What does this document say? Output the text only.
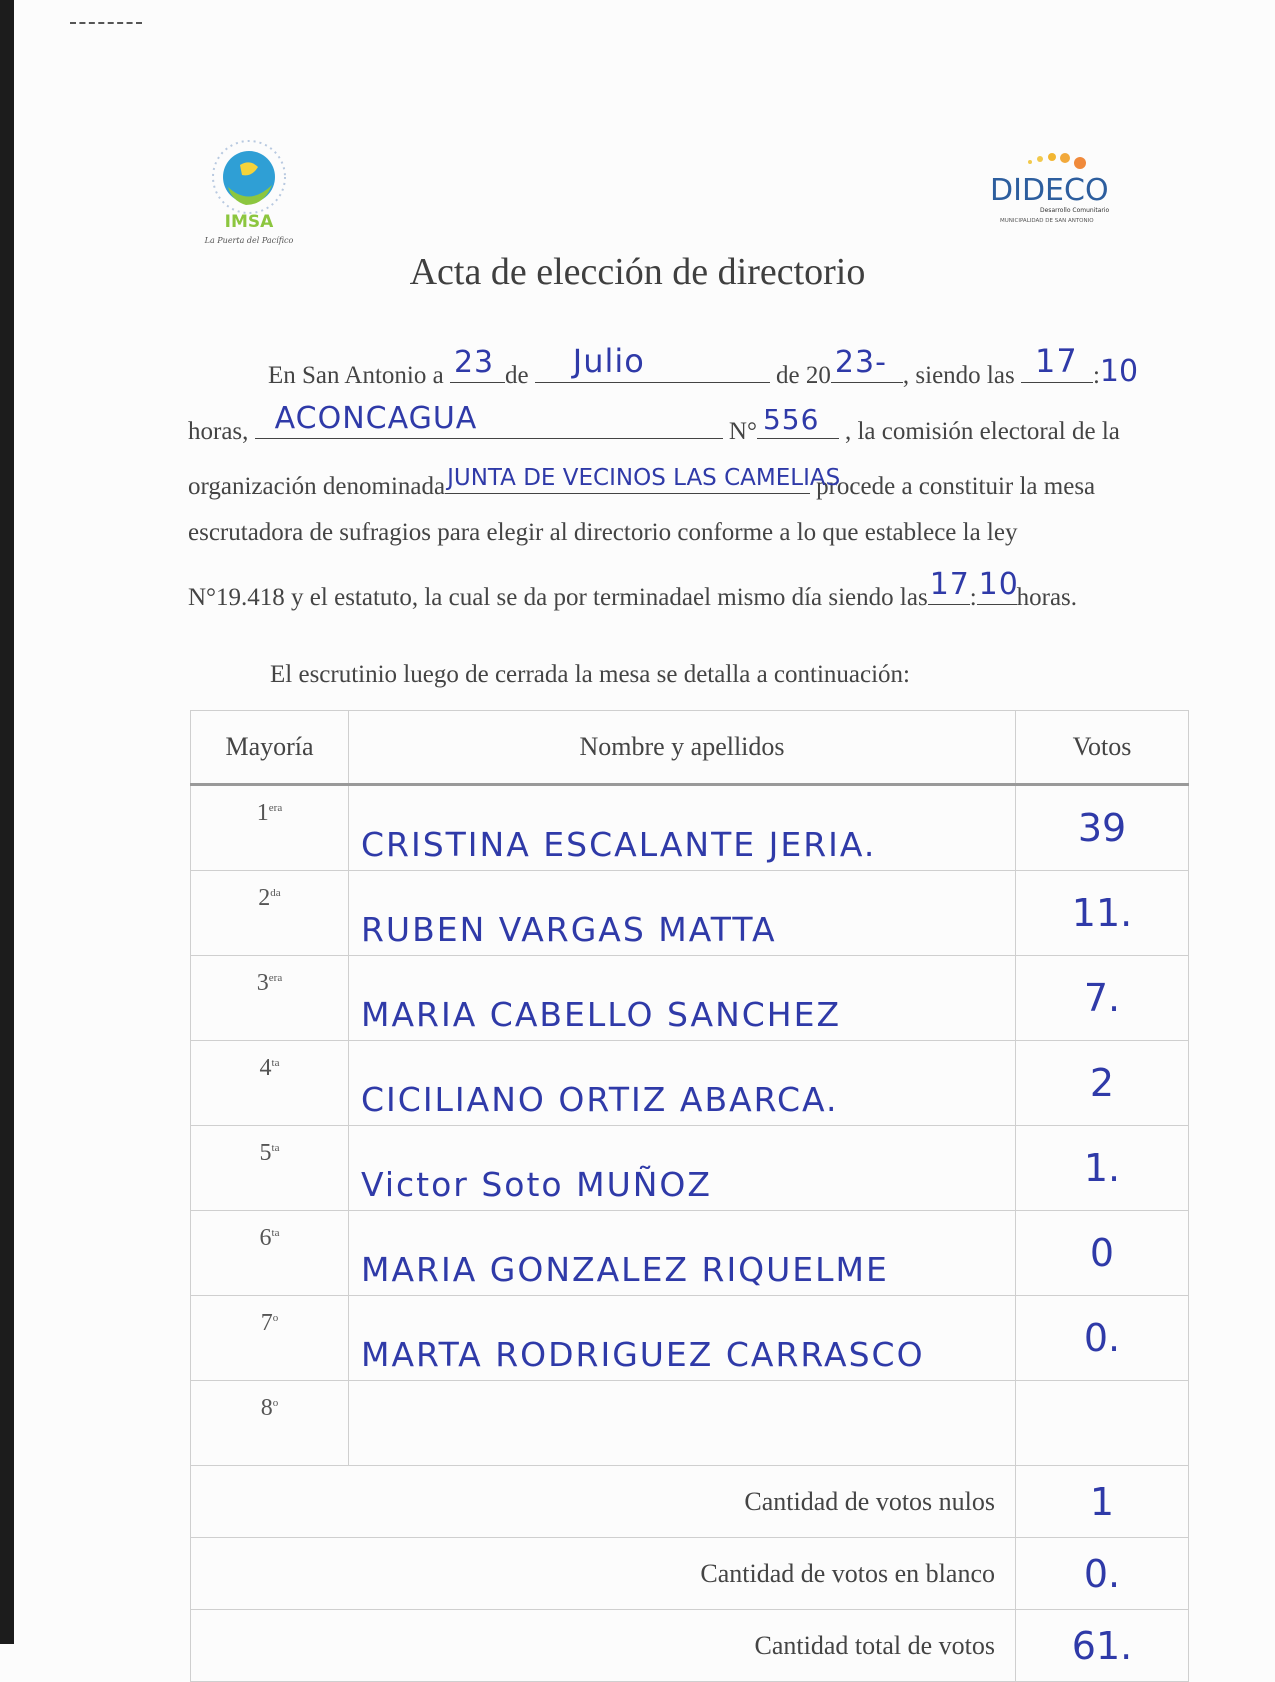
IMSA
La Puerta del Pacífico
DIDECO
Desarrollo Comunitario
MUNICIPALIDAD DE SAN ANTONIO
Acta de elección de directorio
En San Antonio a 23 de Julio	de 20 23- , siendo las 17 :10
horas, ACONCAGUA	N° 556 , la comisión electoral de la
organización denominada JUNTA DE VECINOS LAS CAMELIAS
procede a constituir la mesa
escrutadora de sufragios para elegir al directorio conforme a lo que establece la ley
N°19.418 y el estatuto, la cual se da por terminadael mismo día siendo las 17 : 10
horas.
El escrutinio luego de cerrada la mesa se detalla a continuación:
Mayoría	Nombre y apellidos	Votos
$1^{era}$	CRISTINA ESCALANTE JERIA.	39
$2^{da}$	RUBEN VARGAS MATTA	11.
$3^{era}$	MARIA CABELLO SANCHEZ	7.
$4^{ta}$	CICILIANO ORTIZ ABARCA.	2
$5^{ta}$	Victor Soto MUÑOZ	1.
$6^{ta}$	MARIA GONZALEZ RIQUELME	0
7$^o$	MARTA RODRIGUEZ CARRASCO	0.
8$^o$		
Cantidad de votos nulos		1
Cantidad de votos en blanco		0.
Cantidad total de votos		61.
